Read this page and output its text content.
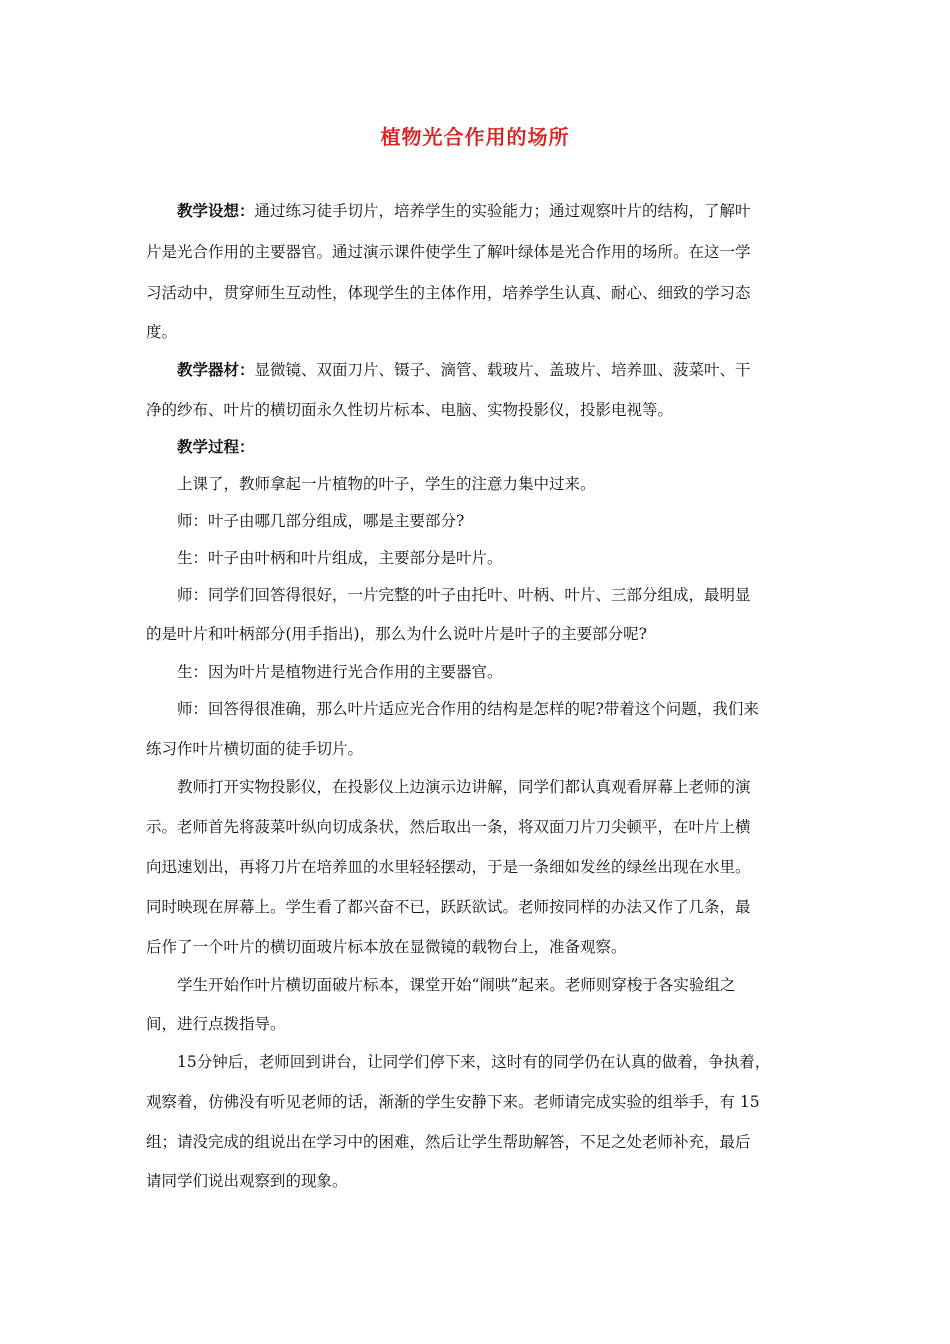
植物光合作用的场所
教学设想：通过练习徒手切片，培养学生的实验能力；通过观察叶片的结构，了解叶
片是光合作用的主要器官。通过演示课件使学生了解叶绿体是光合作用的场所。在这一学
习活动中，贯穿师生互动性，体现学生的主体作用，培养学生认真、耐心、细致的学习态
度。
教学器材：显微镜、双面刀片、镊子、滴管、载玻片、盖玻片、培养皿、菠菜叶、干
净的纱布、叶片的横切面永久性切片标本、电脑、实物投影仪，投影电视等。
教学过程：
上课了，教师拿起一片植物的叶子，学生的注意力集中过来。
师：叶子由哪几部分组成，哪是主要部分?
生：叶子由叶柄和叶片组成，主要部分是叶片。
师：同学们回答得很好，一片完整的叶子由托叶、叶柄、叶片、三部分组成，最明显
的是叶片和叶柄部分(用手指出)，那么为什么说叶片是叶子的主要部分呢?
生：因为叶片是植物进行光合作用的主要器官。
师：回答得很准确，那么叶片适应光合作用的结构是怎样的呢?带着这个问题，我们来
练习作叶片横切面的徒手切片。
教师打开实物投影仪，在投影仪上边演示边讲解，同学们都认真观看屏幕上老师的演
示。老师首先将菠菜叶纵向切成条状，然后取出一条，将双面刀片刀尖顿平，在叶片上横
向迅速划出，再将刀片在培养皿的水里轻轻摆动，于是一条细如发丝的绿丝出现在水里。
同时映现在屏幕上。学生看了都兴奋不已，跃跃欲试。老师按同样的办法又作了几条，最
后作了一个叶片的横切面玻片标本放在显微镜的载物台上，准备观察。
学生开始作叶片横切面破片标本，课堂开始“闹哄”起来。老师则穿梭于各实验组之
间，进行点拨指导。
15分钟后，老师回到讲台，让同学们停下来，这时有的同学仍在认真的做着，争执着，
观察着，仿佛没有听见老师的话，渐渐的学生安静下来。老师请完成实验的组举手，有 15
组；请没完成的组说出在学习中的困难，然后让学生帮助解答，不足之处老师补充，最后
请同学们说出观察到的现象。
